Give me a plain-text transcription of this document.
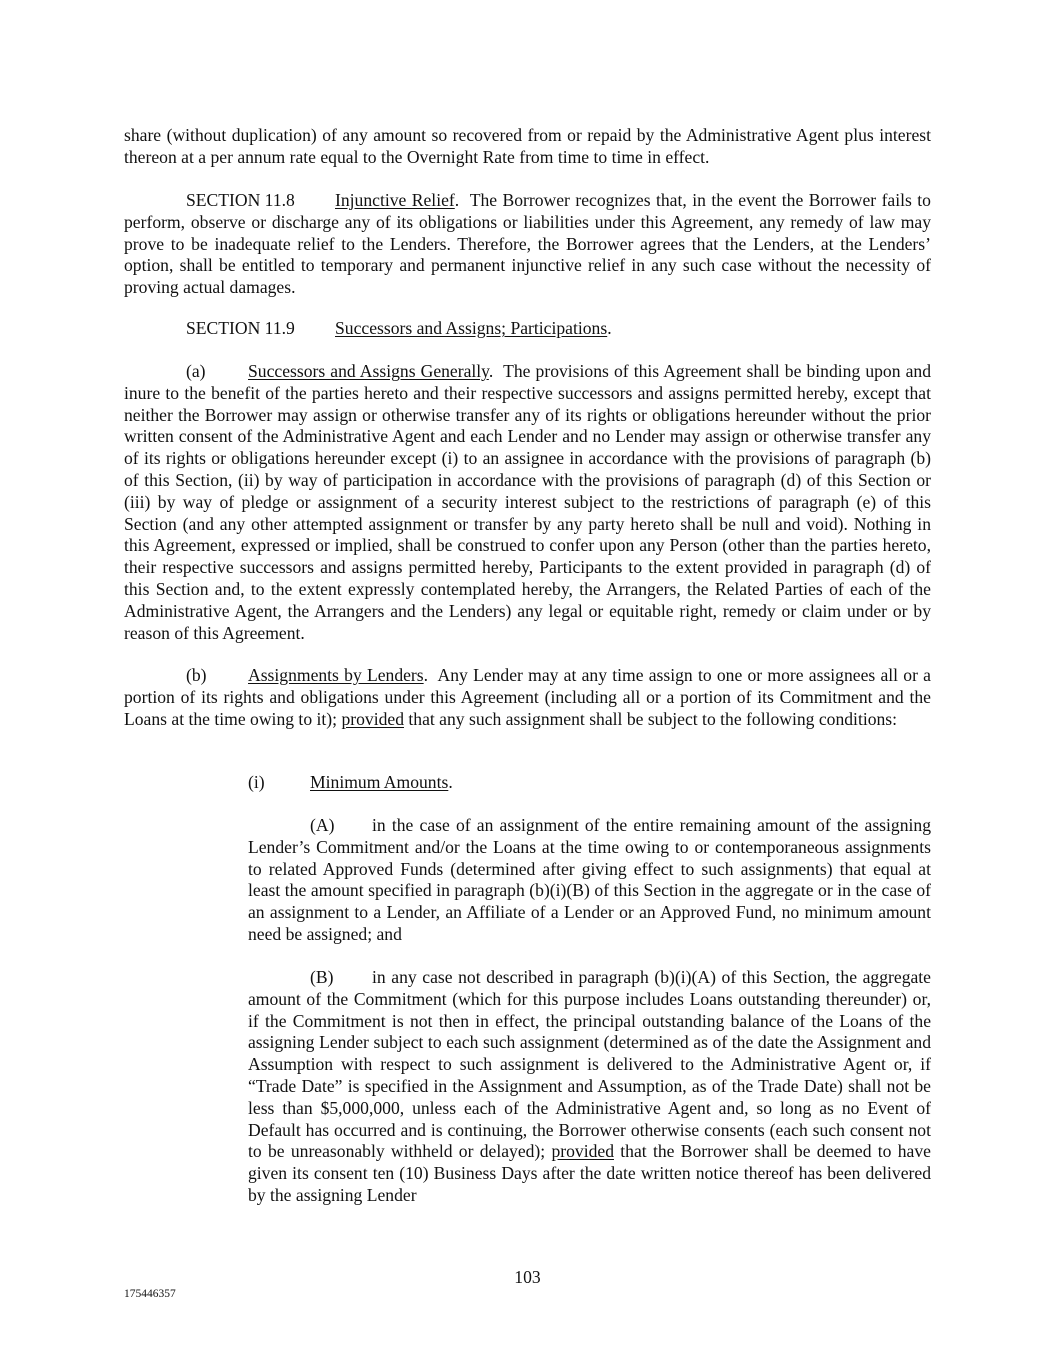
share (without duplication) of any amount so recovered from or repaid by the Administrative Agent plus interest thereon at a per annum rate equal to the Overnight Rate from time to time in effect.

SECTION 11.8 Injunctive Relief.  The Borrower recognizes that, in the event the Borrower fails to perform, observe or discharge any of its obligations or liabilities under this Agreement, any remedy of law may prove to be inadequate relief to the Lenders. Therefore, the Borrower agrees that the Lenders, at the Lenders’ option, shall be entitled to temporary and permanent injunctive relief in any such case without the necessity of proving actual damages.

SECTION 11.9 Successors and Assigns; Participations.

(a) Successors and Assigns Generally.  The provisions of this Agreement shall be binding upon and inure to the benefit of the parties hereto and their respective successors and assigns permitted hereby, except that neither the Borrower may assign or otherwise transfer any of its rights or obligations hereunder without the prior written consent of the Administrative Agent and each Lender and no Lender may assign or otherwise transfer any of its rights or obligations hereunder except (i) to an assignee in accordance with the provisions of paragraph (b) of this Section, (ii) by way of participation in accordance with the provisions of paragraph (d) of this Section or (iii) by way of pledge or assignment of a security interest subject to the restrictions of paragraph (e) of this Section (and any other attempted assignment or transfer by any party hereto shall be null and void). Nothing in this Agreement, expressed or implied, shall be construed to confer upon any Person (other than the parties hereto, their respective successors and assigns permitted hereby, Participants to the extent provided in paragraph (d) of this Section and, to the extent expressly contemplated hereby, the Arrangers, the Related Parties of each of the Administrative Agent, the Arrangers and the Lenders) any legal or equitable right, remedy or claim under or by reason of this Agreement.

(b) Assignments by Lenders.  Any Lender may at any time assign to one or more assignees all or a portion of its rights and obligations under this Agreement (including all or a portion of its Commitment and the Loans at the time owing to it); provided that any such assignment shall be subject to the following conditions:

(i)	Minimum Amounts.

(A) in the case of an assignment of the entire remaining amount of the assigning Lender’s Commitment and/or the Loans at the time owing to or contemporaneous assignments to related Approved Funds (determined after giving effect to such assignments) that equal at least the amount specified in paragraph (b)(i)(B) of this Section in the aggregate or in the case of an assignment to a Lender, an Affiliate of a Lender or an Approved Fund, no minimum amount need be assigned; and

(B) in any case not described in paragraph (b)(i)(A) of this Section, the aggregate amount of the Commitment (which for this purpose includes Loans outstanding thereunder) or, if the Commitment is not then in effect, the principal outstanding balance of the Loans of the assigning Lender subject to each such assignment (determined as of the date the Assignment and Assumption with respect to such assignment is delivered to the Administrative Agent or, if “Trade Date” is specified in the Assignment and Assumption, as of the Trade Date) shall not be less than $5,000,000, unless each of the Administrative Agent and, so long as no Event of Default has occurred and is continuing, the Borrower otherwise consents (each such consent not to be unreasonably withheld or delayed); provided that the Borrower shall be deemed to have given its consent ten (10) Business Days after the date written notice thereof has been delivered by the assigning Lender

103
175446357
